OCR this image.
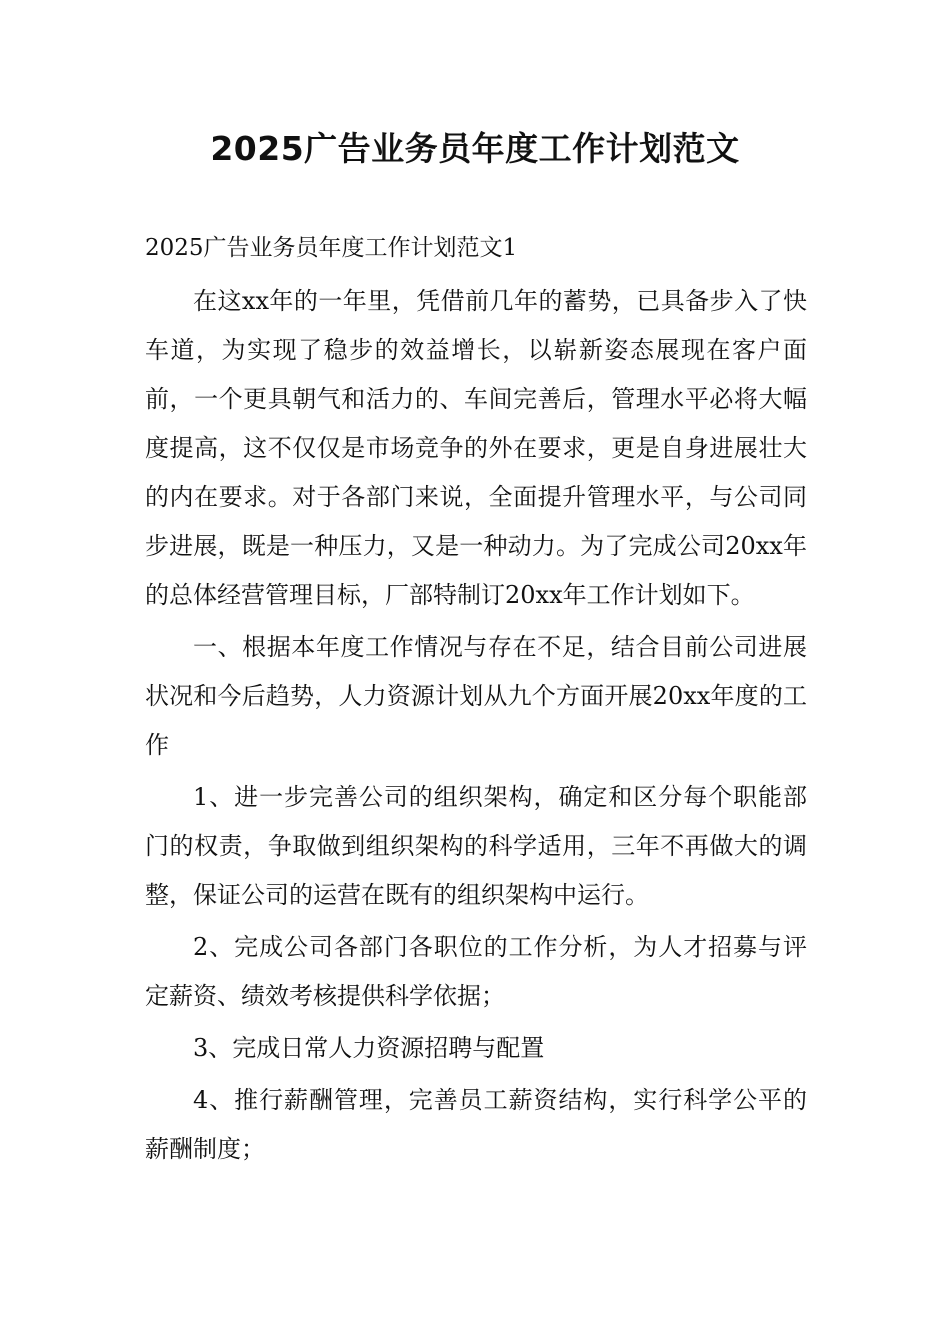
2025广告业务员年度工作计划范文

2025广告业务员年度工作计划范文1

在这xx年的一年里，凭借前几年的蓄势，已具备步入了快车道，为实现了稳步的效益增长，以崭新姿态展现在客户面前，一个更具朝气和活力的、车间完善后，管理水平必将大幅度提高，这不仅仅是市场竞争的外在要求，更是自身进展壮大的内在要求。对于各部门来说，全面提升管理水平，与公司同步进展，既是一种压力，又是一种动力。为了完成公司20xx年的总体经营管理目标，厂部特制订20xx年工作计划如下。

一、根据本年度工作情况与存在不足，结合目前公司进展状况和今后趋势，人力资源计划从九个方面开展20xx年度的工作

1、进一步完善公司的组织架构，确定和区分每个职能部门的权责，争取做到组织架构的科学适用，三年不再做大的调整，保证公司的运营在既有的组织架构中运行。

2、完成公司各部门各职位的工作分析，为人才招募与评定薪资、绩效考核提供科学依据；

3、完成日常人力资源招聘与配置

4、推行薪酬管理，完善员工薪资结构，实行科学公平的薪酬制度；
